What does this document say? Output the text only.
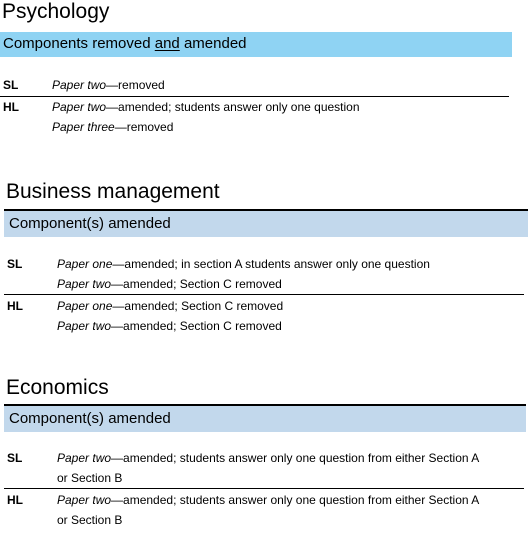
Psychology
Components removed and amended
SL	Paper two—removed
HL	Paper two—amended; students answer only one question
Paper three—removed
Business management
Component(s) amended
SL	Paper one—amended; in section A students answer only one question
Paper two—amended; Section C removed
HL	Paper one—amended; Section C removed
Paper two—amended; Section C removed
Economics
Component(s) amended
SL	Paper two—amended; students answer only one question from either Section A
or Section B
HL	Paper two—amended; students answer only one question from either Section A
or Section B
